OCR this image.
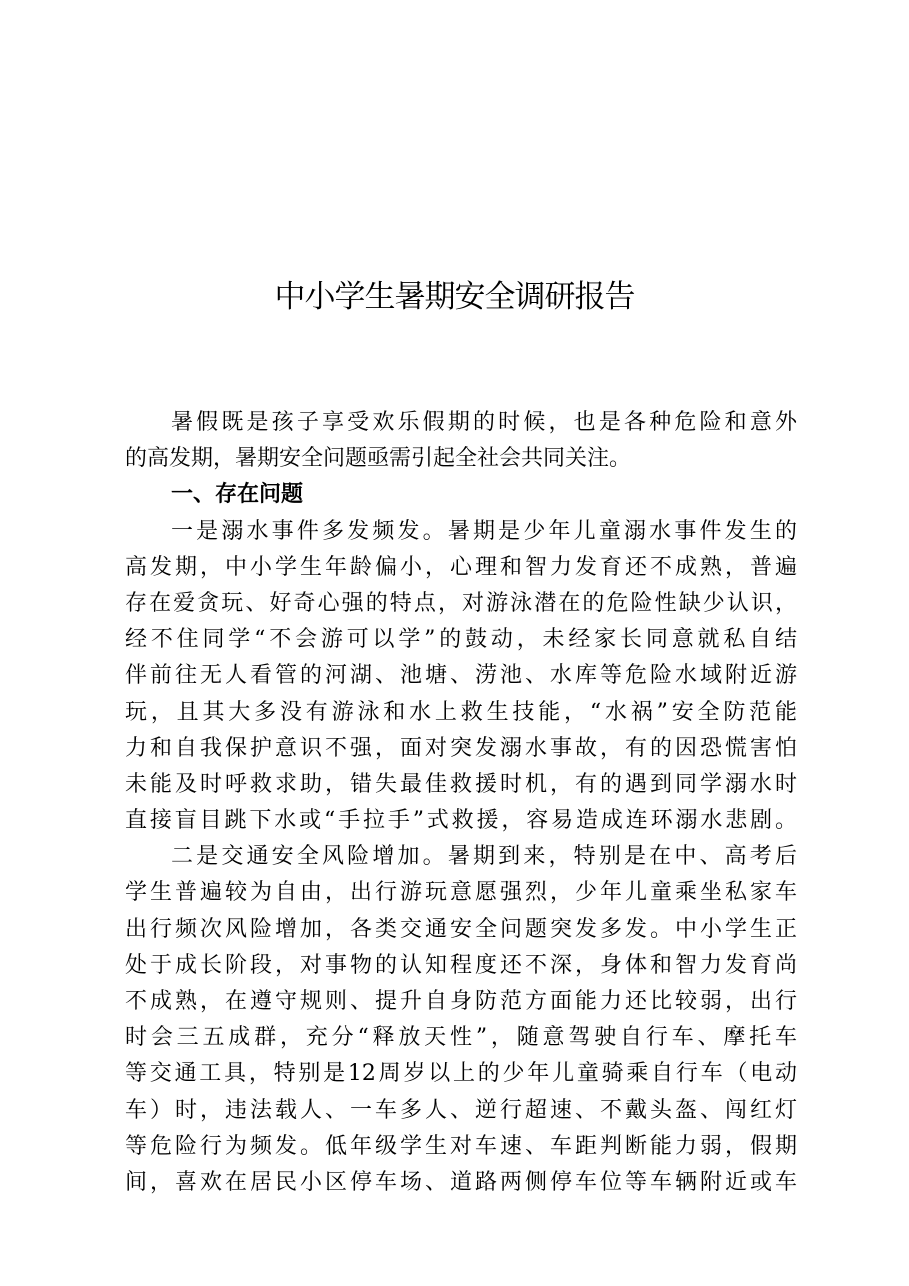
中小学生暑期安全调研报告
暑假既是孩子享受欢乐假期的时候，也是各种危险和意外
的高发期，暑期安全问题亟需引起全社会共同关注。
一、存在问题
一是溺水事件多发频发。暑期是少年儿童溺水事件发生的
高发期，中小学生年龄偏小，心理和智力发育还不成熟，普遍
存在爱贪玩、好奇心强的特点，对游泳潜在的危险性缺少认识，
经不住同学“不会游可以学”的鼓动，未经家长同意就私自结
伴前往无人看管的河湖、池塘、涝池、水库等危险水域附近游
玩，且其大多没有游泳和水上救生技能，“水祸”安全防范能
力和自我保护意识不强，面对突发溺水事故，有的因恐慌害怕
未能及时呼救求助，错失最佳救援时机，有的遇到同学溺水时
直接盲目跳下水或“手拉手”式救援，容易造成连环溺水悲剧。
二是交通安全风险增加。暑期到来，特别是在中、高考后
学生普遍较为自由，出行游玩意愿强烈，少年儿童乘坐私家车
出行频次风险增加，各类交通安全问题突发多发。中小学生正
处于成长阶段，对事物的认知程度还不深，身体和智力发育尚
不成熟，在遵守规则、提升自身防范方面能力还比较弱，出行
时会三五成群，充分“释放天性”，随意驾驶自行车、摩托车
等交通工具，特别是12周岁以上的少年儿童骑乘自行车（电动
车）时，违法载人、一车多人、逆行超速、不戴头盔、闯红灯
等危险行为频发。低年级学生对车速、车距判断能力弱，假期
间，喜欢在居民小区停车场、道路两侧停车位等车辆附近或车
